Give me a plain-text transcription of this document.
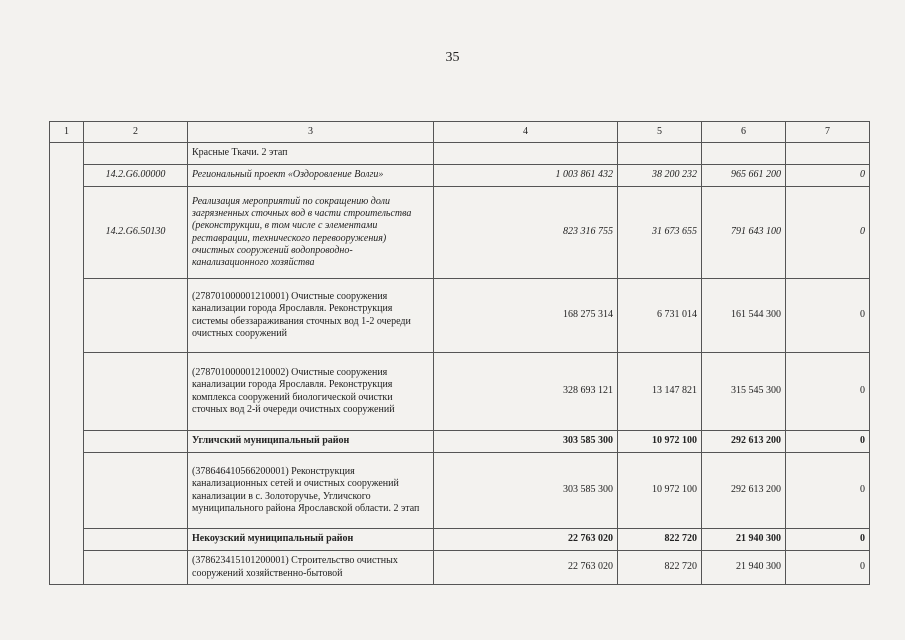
35
1	2	3	4	5	6	7
		Красные Ткачи. 2 этап				
	14.2.G6.00000	Региональный проект «Оздоровление Волги»	1 003 861 432	38 200 232	965 661 200	0
	14.2.G6.50130	Реализация мероприятий по сокращению доли загрязненных сточных вод в части строительства (реконструкции, в том числе с элементами реставрации, технического перевооружения) очистных сооружений водопроводно-канализационного хозяйства	823 316 755	31 673 655	791 643 100	0
		(278701000001210001) Очистные сооружения канализации города Ярославля. Реконструкция системы обеззараживания сточных вод 1-2 очереди очистных сооружений	168 275 314	6 731 014	161 544 300	0
		(278701000001210002) Очистные сооружения канализации города Ярославля. Реконструкция комплекса сооружений биологической очистки сточных вод 2-й очереди очистных сооружений	328 693 121	13 147 821	315 545 300	0
		Угличский муниципальный район	303 585 300	10 972 100	292 613 200	0
		(378646410566200001) Реконструкция канализационных сетей и очистных сооружений канализации в с. Золоторучье, Угличского муниципального района Ярославской области. 2 этап	303 585 300	10 972 100	292 613 200	0
		Некоузский муниципальный район	22 763 020	822 720	21 940 300	0
		(378623415101200001) Строительство очистных сооружений хозяйственно-бытовой	22 763 020	822 720	21 940 300	0
